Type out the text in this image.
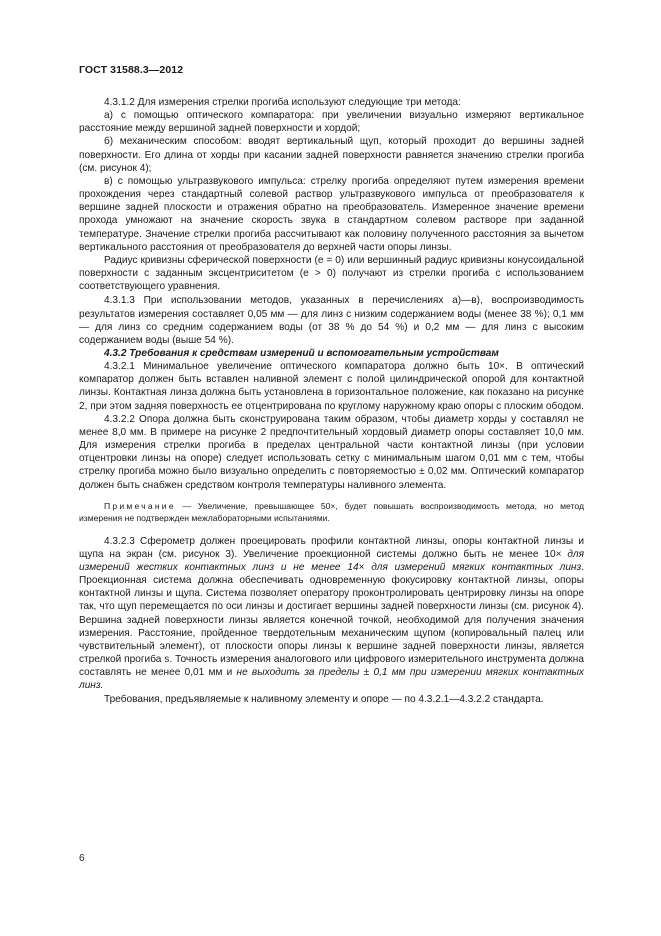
ГОСТ 31588.3—2012

4.3.1.2 Для измерения стрелки прогиба используют следующие три метода:

а) с помощью оптического компаратора: при увеличении визуально измеряют вертикальное расстояние между вершиной задней поверхности и хордой;

б) механическим способом: вводят вертикальный щуп, который проходит до вершины задней поверхности. Его длина от хорды при касании задней поверхности равняется значению стрелки прогиба (см. рисунок 4);

в) с помощью ультразвукового импульса: стрелку прогиба определяют путем измерения времени прохождения через стандартный солевой раствор ультразвукового импульса от преобразователя к вершине задней плоскости и отражения обратно на преобразователь. Измеренное значение времени прохода умножают на значение скорость звука в стандартном солевом растворе при заданной температуре. Значение стрелки прогиба рассчитывают как половину полученного расстояния за вычетом вертикального расстояния от преобразователя до верхней части опоры линзы.

Радиус кривизны сферической поверхности (e = 0) или вершинный радиус кривизны конусоидальной поверхности с заданным эксцентриситетом (e > 0) получают из стрелки прогиба с использованием соответствующего уравнения.

4.3.1.3 При использовании методов, указанных в перечислениях а)—в), воспроизводимость результатов измерения составляет 0,05 мм — для линз с низким содержанием воды (менее 38 %); 0,1 мм — для линз со средним содержанием воды (от 38 % до 54 %) и 0,2 мм — для линз с высоким содержанием воды (выше 54 %).

4.3.2 Требования к средствам измерений и вспомогательным устройствам

4.3.2.1 Минимальное увеличение оптического компаратора должно быть 10×. В оптический компаратор должен быть вставлен наливной элемент с полой цилиндрической опорой для контактной линзы. Контактная линза должна быть установлена в горизонтальное положение, как показано на рисунке 2, при этом задняя поверхность ее отцентрирована по круглому наружному краю опоры с плоским ободом.

4.3.2.2 Опора должна быть сконструирована таким образом, чтобы диаметр хорды y составлял не менее 8,0 мм. В примере на рисунке 2 предпочтительный хордовый диаметр опоры составляет 10,0 мм. Для измерения стрелки прогиба в пределах центральной части контактной линзы (при условии отцентровки линзы на опоре) следует использовать сетку с минимальным шагом 0,01 мм с тем, чтобы стрелку прогиба можно было визуально определить с повторяемостью ± 0,02 мм. Оптический компаратор должен быть снабжен средством контроля температуры наливного элемента.

Примечание — Увеличение, превышающее 50×, будет повышать воспроизводимость метода, но метод измерения не подтвержден межлабораторными испытаниями.

4.3.2.3 Сферометр должен проецировать профили контактной линзы, опоры контактной линзы и щупа на экран (см. рисунок 3). Увеличение проекционной системы должно быть не менее 10× для измерений жестких контактных линз и не менее 14× для измерений мягких контактных линз. Проекционная система должна обеспечивать одновременную фокусировку контактной линзы, опоры контактной линзы и щупа. Система позволяет оператору проконтролировать центрировку линзы на опоре так, что щуп перемещается по оси линзы и достигает вершины задней поверхности линзы (см. рисунок 4). Вершина задней поверхности линзы является конечной точкой, необходимой для получения значения измерения. Расстояние, пройденное твердотельным механическим щупом (копировальный палец или чувствительный элемент), от плоскости опоры линзы к вершине задней поверхности линзы, является стрелкой прогиба s. Точность измерения аналогового или цифрового измерительного инструмента должна составлять не менее 0,01 мм и не выходить за пределы ± 0,1 мм при измерении мягких контактных линз.

Требования, предъявляемые к наливному элементу и опоре — по 4.3.2.1—4.3.2.2 стандарта.

6
